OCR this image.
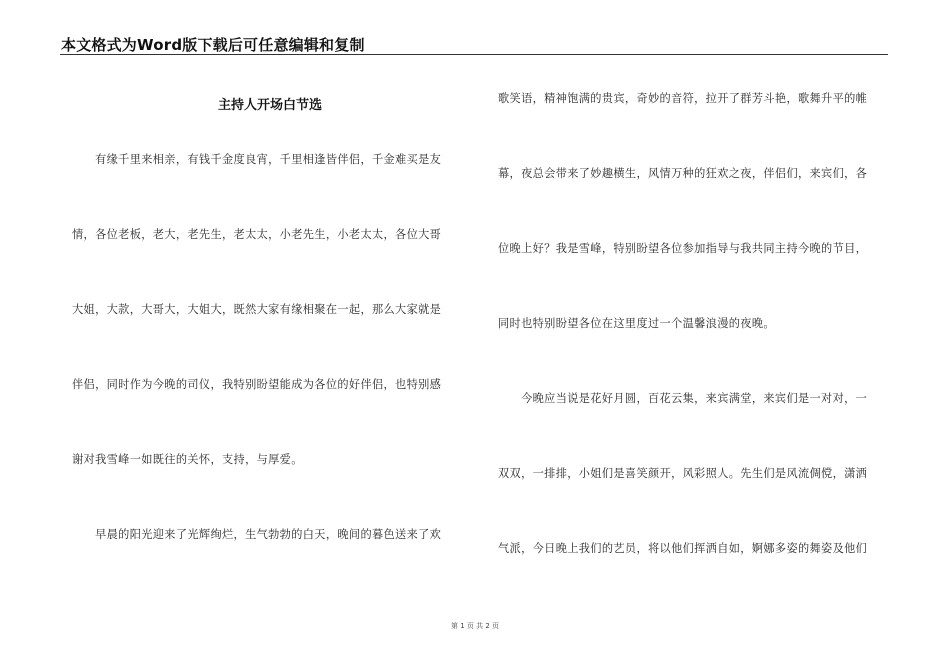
本文格式为Word版下载后可任意编辑和复制
主持人开场白节选
　　有缘千里来相亲，有钱千金度良宵，千里相逢皆伴侣，千金难买是友
情，各位老板，老大，老先生，老太太，小老先生，小老太太，各位大哥
大姐，大款，大哥大，大姐大，既然大家有缘相聚在一起，那么大家就是
伴侣，同时作为今晚的司仪，我特别盼望能成为各位的好伴侣，也特别感
谢对我雪峰一如既往的关怀，支持，与厚爱。
　　早晨的阳光迎来了光辉绚烂，生气勃勃的白天，晚间的暮色送来了欢
歌笑语，精神饱满的贵宾，奇妙的音符，拉开了群芳斗艳，歌舞升平的帷
幕，夜总会带来了妙趣横生，风情万种的狂欢之夜，伴侣们，来宾们，各
位晚上好？我是雪峰，特别盼望各位参加指导与我共同主持今晚的节目，
同时也特别盼望各位在这里度过一个温馨浪漫的夜晚。
　　今晚应当说是花好月圆，百花云集，来宾满堂，来宾们是一对对，一
双双，一排排，小姐们是喜笑颜开，风彩照人。先生们是风流倜傥，潇洒
气派，今日晚上我们的艺员，将以他们挥洒自如，婀娜多姿的舞姿及他们
第 1 页 共 2 页
